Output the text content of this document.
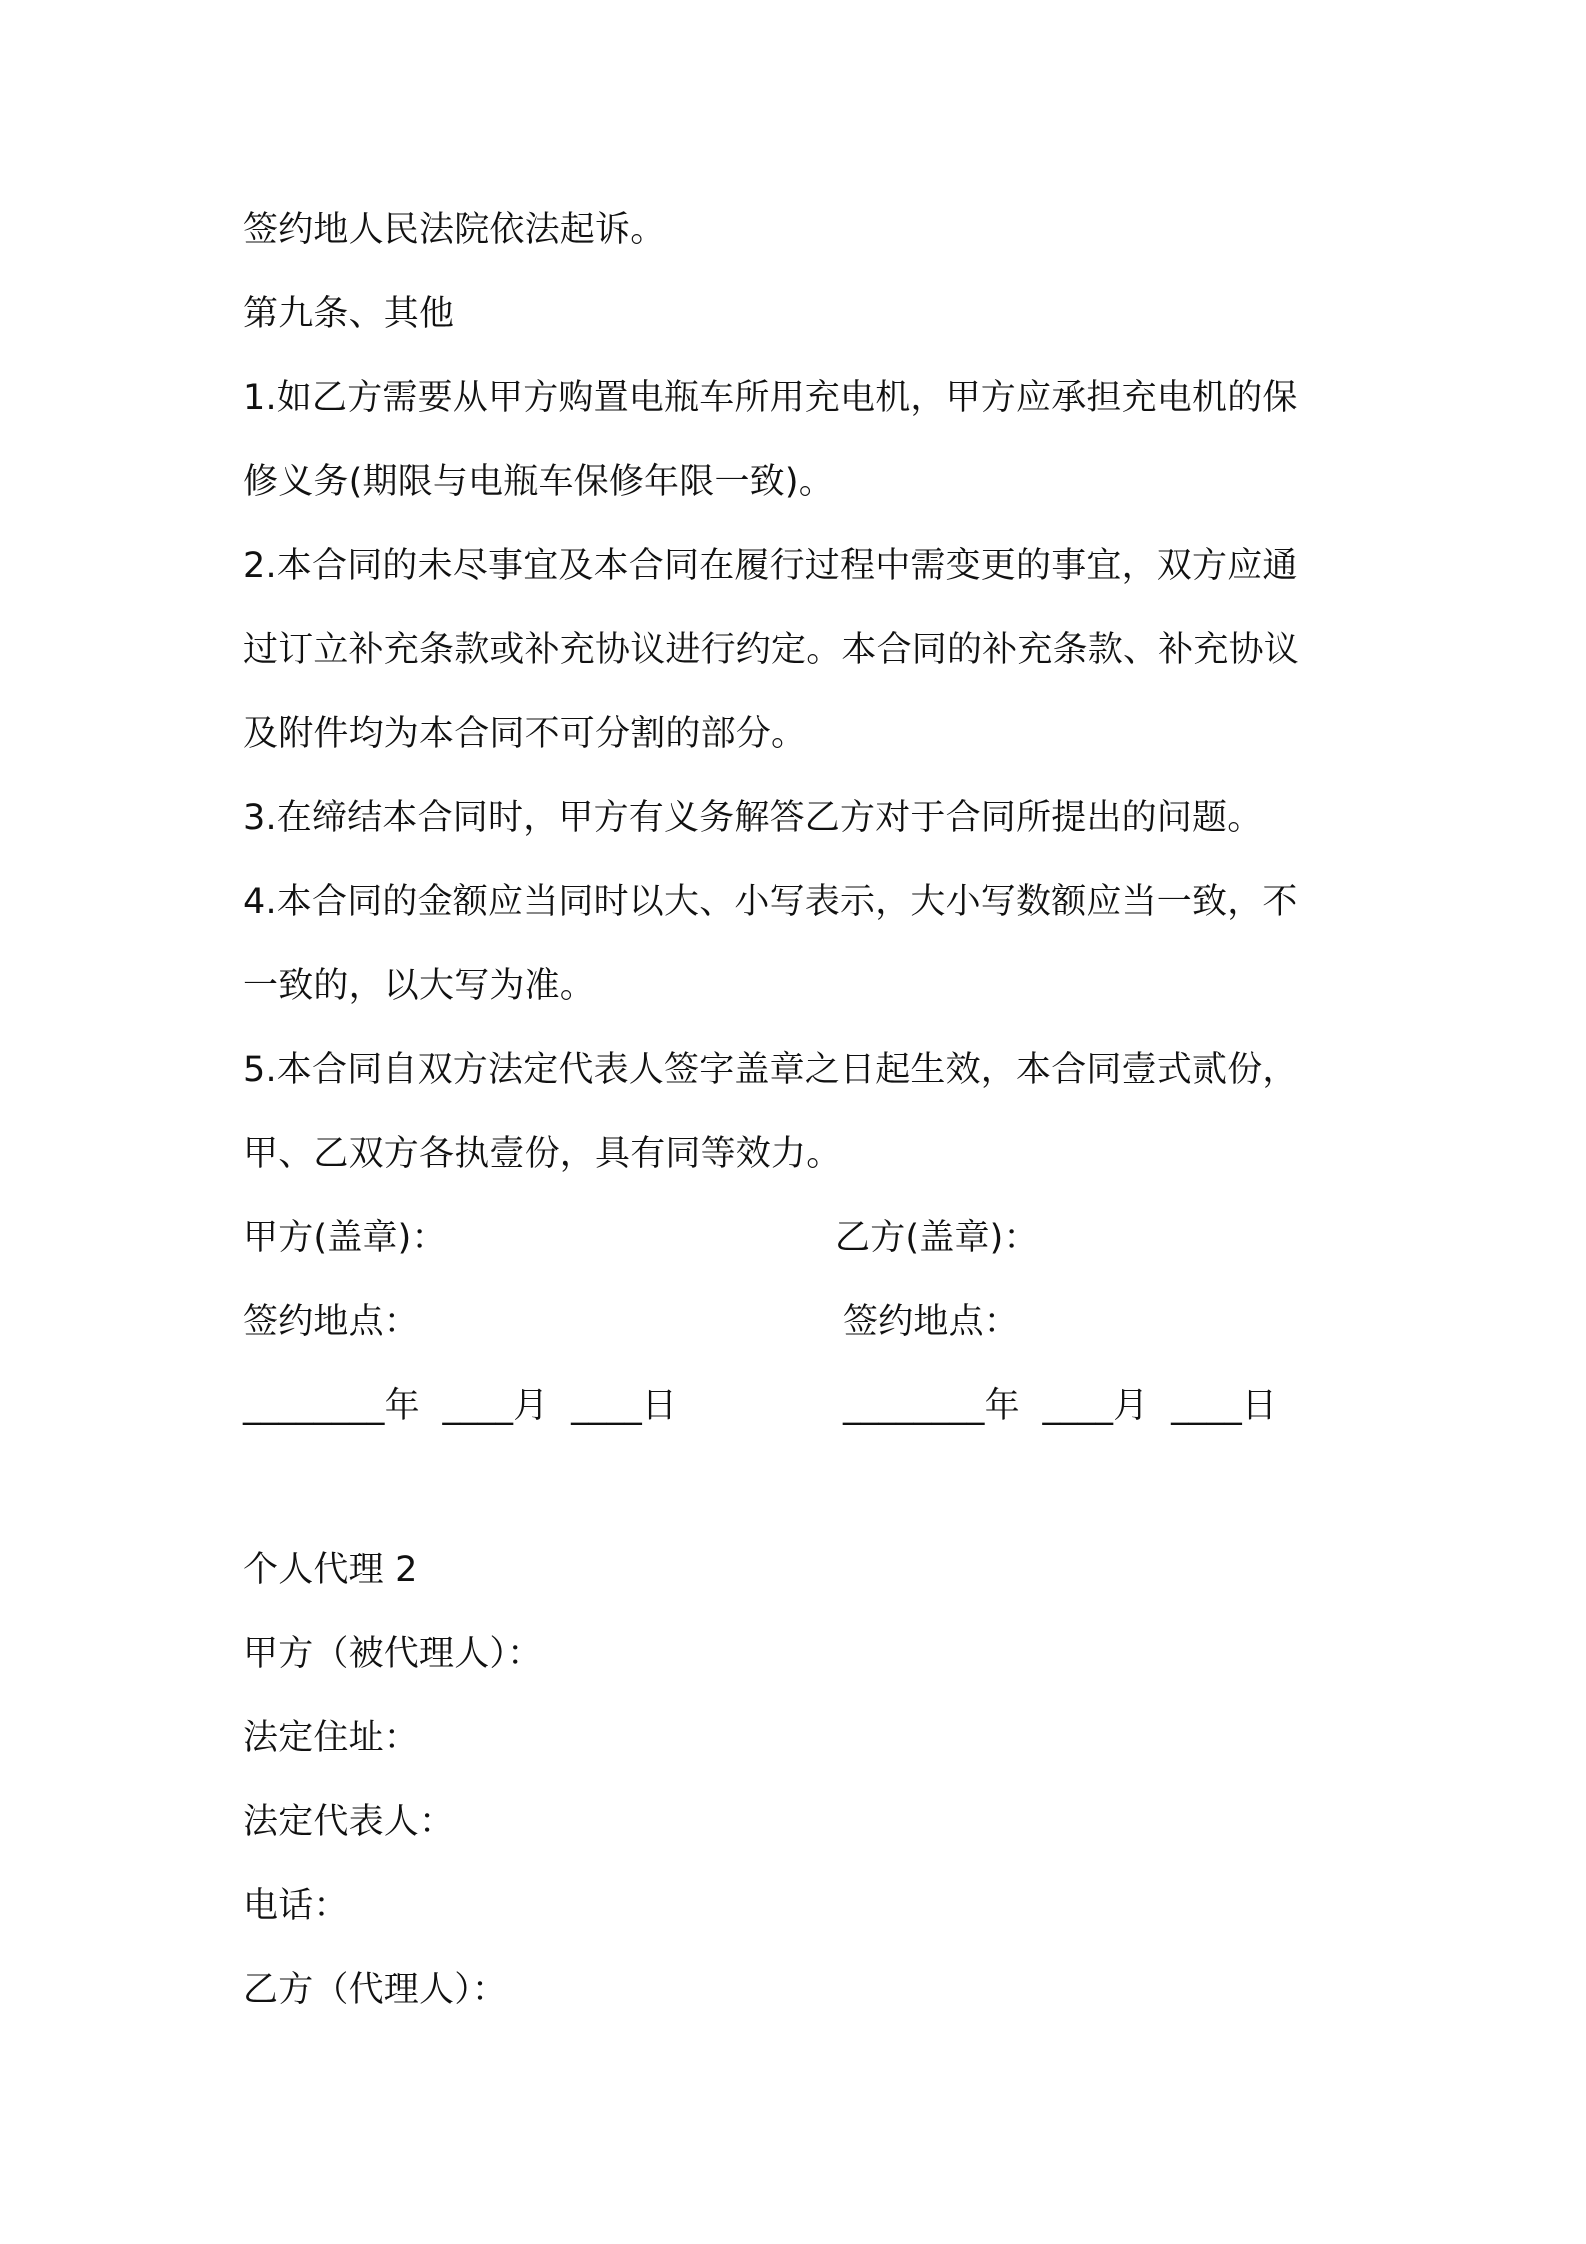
签约地人民法院依法起诉。
第九条、其他
1.如乙方需要从甲方购置电瓶车所用充电机，甲方应承担充电机的保
修义务(期限与电瓶车保修年限一致)。
2.本合同的未尽事宜及本合同在履行过程中需变更的事宜，双方应通
过订立补充条款或补充协议进行约定。本合同的补充条款、补充协议
及附件均为本合同不可分割的部分。
3.在缔结本合同时，甲方有义务解答乙方对于合同所提出的问题。
4.本合同的金额应当同时以大、小写表示，大小写数额应当一致，不
一致的，以大写为准。
5.本合同自双方法定代表人签字盖章之日起生效，本合同壹式贰份，
甲、乙双方各执壹份，具有同等效力。
甲方(盖章)：	乙方(盖章)：
签约地点：	签约地点：
________年  ____月  ____日	________年  ____月  ____日
个人代理 2
甲方（被代理人）：
法定住址：
法定代表人：
电话：
乙方（代理人）：
